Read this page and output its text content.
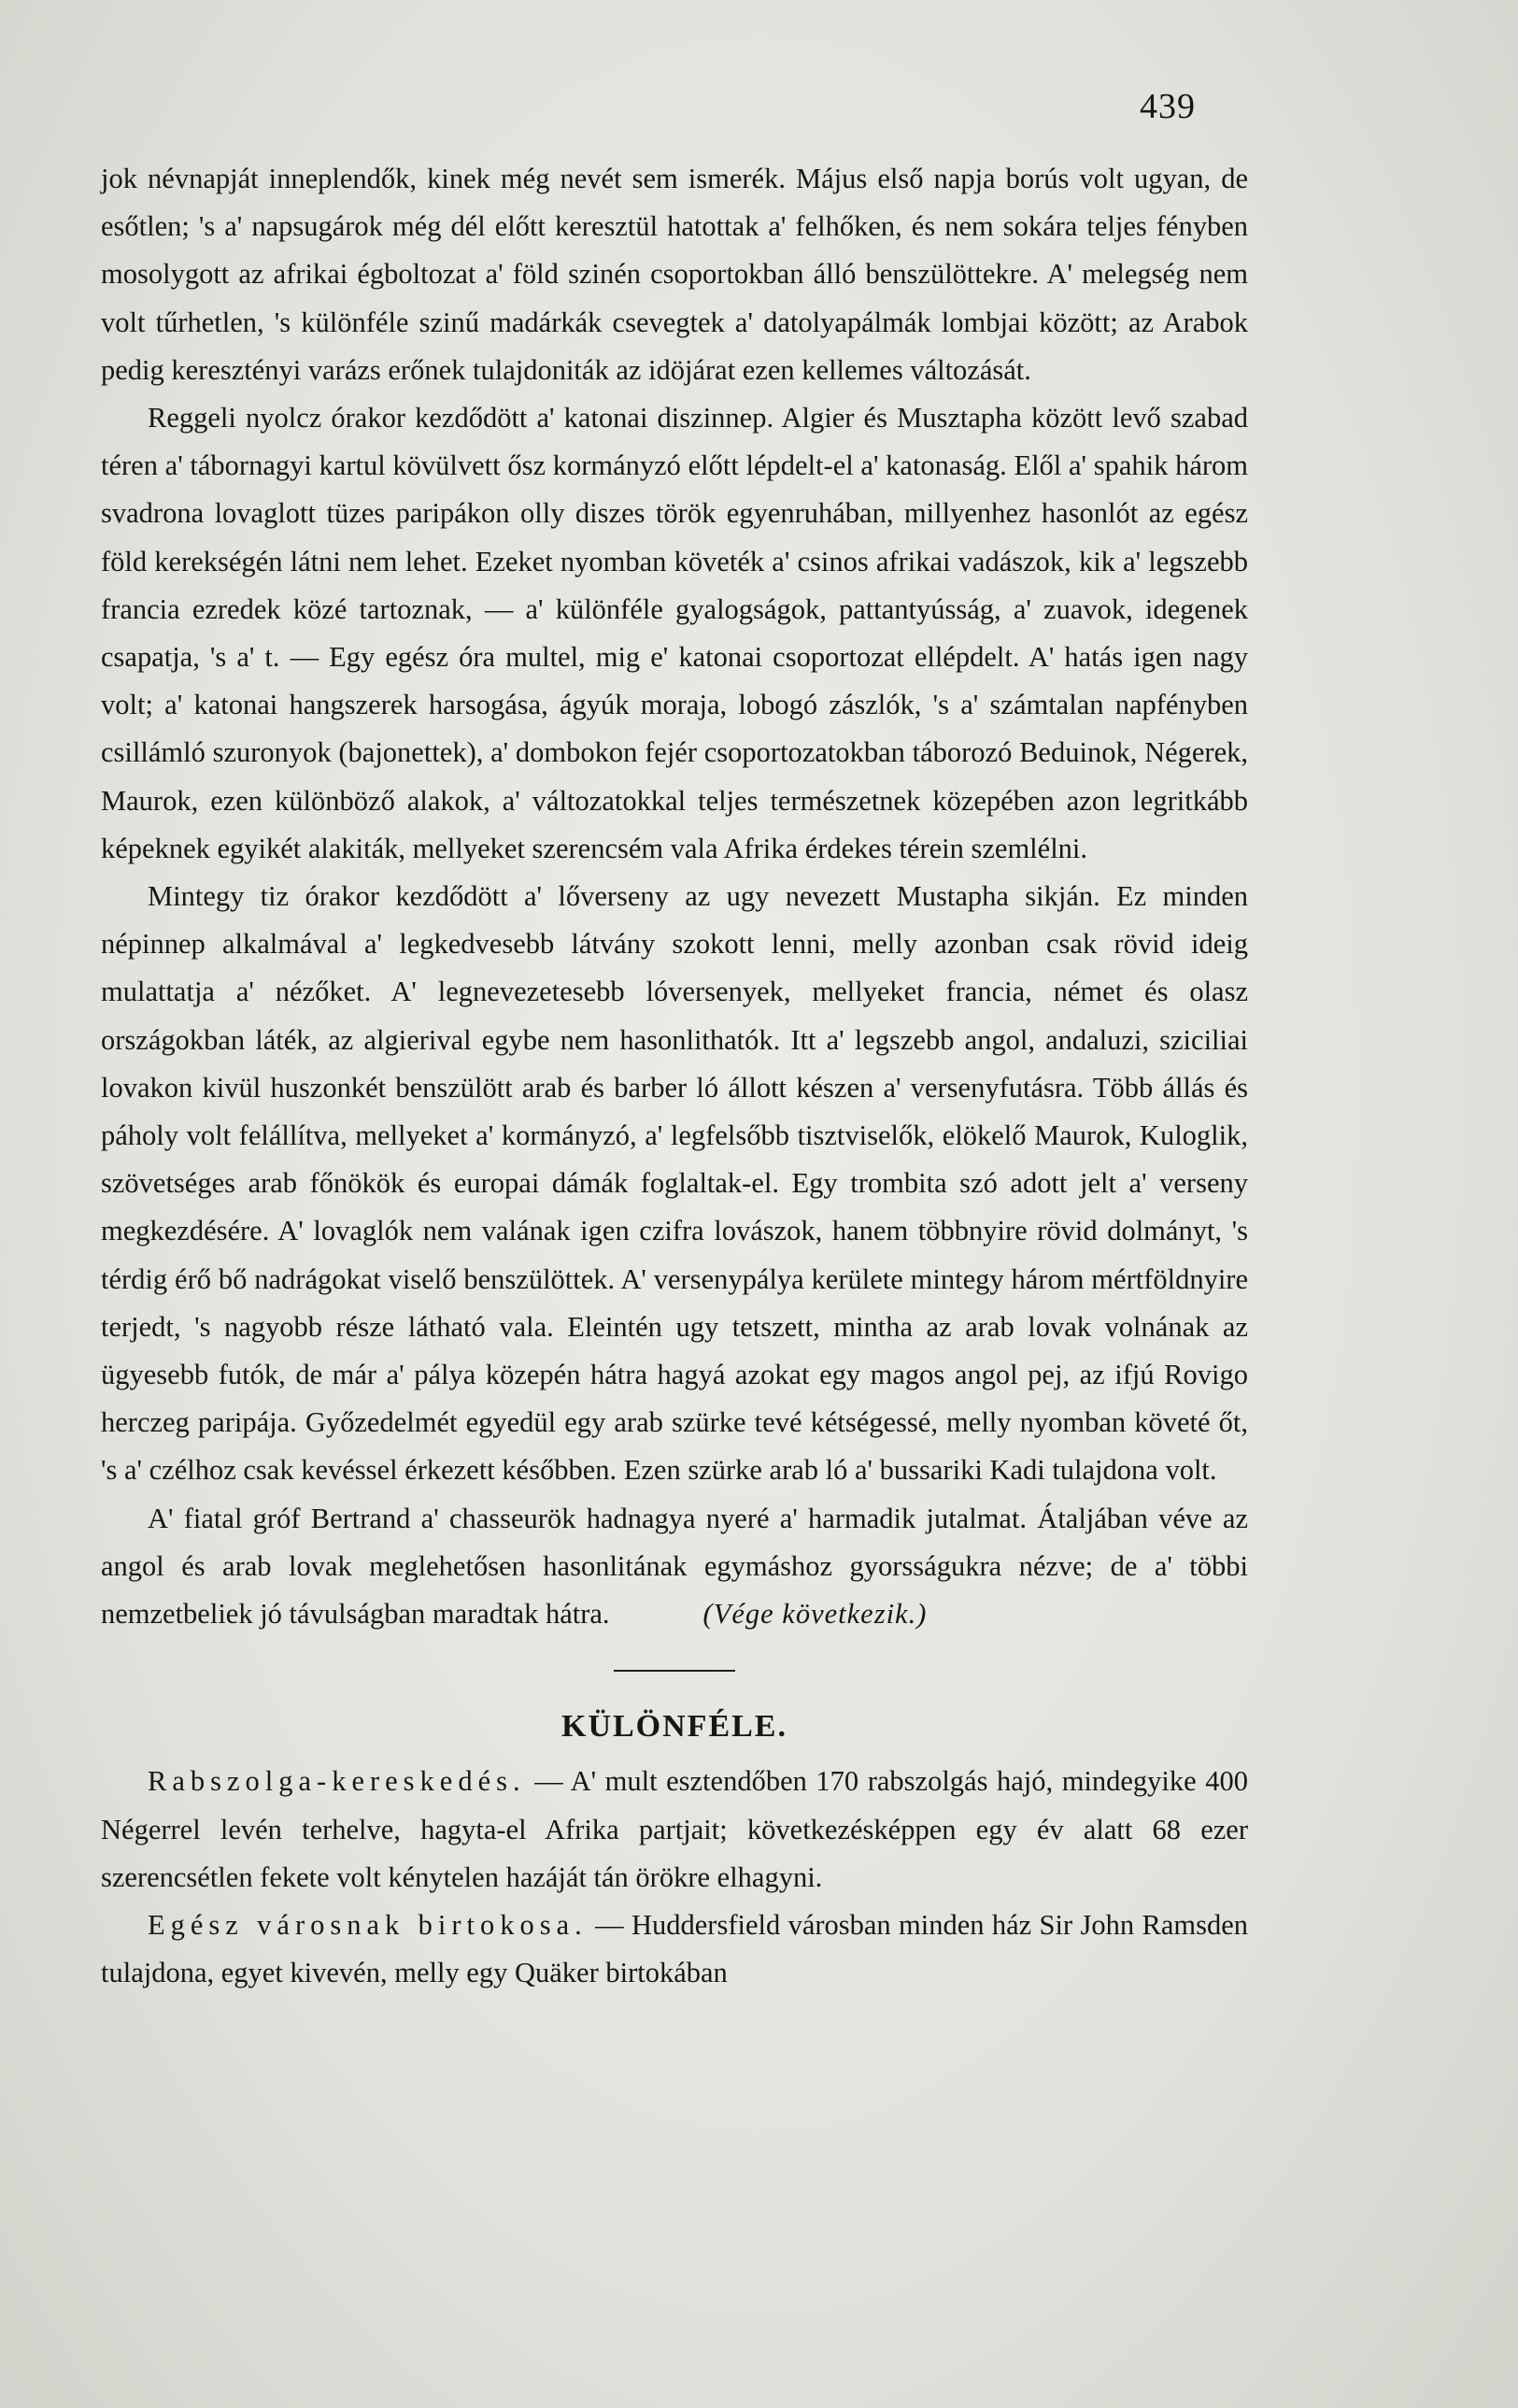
439

jok névnapját inneplendők, kinek még nevét sem ismerék. Május első napja borús volt ugyan, de esőtlen; 's a' napsugárok még dél előtt keresztül hatottak a' felhőken, és nem sokára teljes fényben mosolygott az afrikai égboltozat a' föld szinén csoportokban álló benszülöttekre. A' melegség nem volt tűrhetlen, 's különféle szinű madárkák csevegtek a' datolyapálmák lombjai között; az Arabok pedig keresztényi varázs erőnek tulajdoniták az idöjárat ezen kellemes változását.

Reggeli nyolcz órakor kezdődött a' katonai diszinnep. Algier és Musztapha között levő szabad téren a' tábornagyi kartul kövülvett ősz kormányzó előtt lépdelt-el a' katonaság. Elől a' spahik három svadrona lovaglott tüzes paripákon olly diszes török egyenruhában, millyenhez hasonlót az egész föld kerekségén látni nem lehet. Ezeket nyomban követék a' csinos afrikai vadászok, kik a' legszebb francia ezredek közé tartoznak, — a' különféle gyalogságok, pattantyússág, a' zuavok, idegenek csapatja, 's a' t. — Egy egész óra multel, mig e' katonai csoportozat ellépdelt. A' hatás igen nagy volt; a' katonai hangszerek harsogása, ágyúk moraja, lobogó zászlók, 's a' számtalan napfényben csillámló szuronyok (bajonettek), a' dombokon fejér csoportozatokban táborozó Beduinok, Négerek, Maurok, ezen különböző alakok, a' változatokkal teljes természetnek közepében azon legritkább képeknek egyikét alakiták, mellyeket szerencsém vala Afrika érdekes térein szemlélni.

Mintegy tiz órakor kezdődött a' lőverseny az ugy nevezett Mustapha sikján. Ez minden népinnep alkalmával a' legkedvesebb látvány szokott lenni, melly azonban csak rövid ideig mulattatja a' nézőket. A' legnevezetesebb lóversenyek, mellyeket francia, német és olasz országokban láték, az algierival egybe nem hasonlithatók. Itt a' legszebb angol, andaluzi, sziciliai lovakon kivül huszonkét benszülött arab és barber ló állott készen a' versenyfutásra. Több állás és páholy volt felállítva, mellyeket a' kormányzó, a' legfelsőbb tisztviselők, elökelő Maurok, Kuloglik, szövetséges arab főnökök és europai dámák foglaltak-el. Egy trombita szó adott jelt a' verseny megkezdésére. A' lovaglók nem valának igen czifra lovászok, hanem többnyire rövid dolmányt, 's térdig érő bő nadrágokat viselő benszülöttek. A' versenypálya kerülete mintegy három mértföldnyire terjedt, 's nagyobb része látható vala. Eleintén ugy tetszett, mintha az arab lovak volnának az ügyesebb futók, de már a' pálya közepén hátra hagyá azokat egy magos angol pej, az ifjú Rovigo herczeg paripája. Győzedelmét egyedül egy arab szürke tevé kétségessé, melly nyomban követé őt, 's a' czélhoz csak kevéssel érkezett későbben. Ezen szürke arab ló a' bussariki Kadi tulajdona volt.

A' fiatal gróf Bertrand a' chasseurök hadnagya nyeré a' harmadik jutalmat. Átaljában véve az angol és arab lovak meglehetősen hasonlitának egymáshoz gyorsságukra nézve; de a' többi nemzetbeliek jó távulságban maradtak hátra.	(Vége következik.)

KÜLÖNFÉLE.

Rabszolga-kereskedés. — A' mult esztendőben 170 rabszolgás hajó, mindegyike 400 Négerrel levén terhelve, hagyta-el Afrika partjait; következésképpen egy év alatt 68 ezer szerencsétlen fekete volt kénytelen hazáját tán örökre elhagyni.

Egész városnak birtokosa. — Huddersfield városban minden ház Sir John Ramsden tulajdona, egyet kivevén, melly egy Quäker birtokában
